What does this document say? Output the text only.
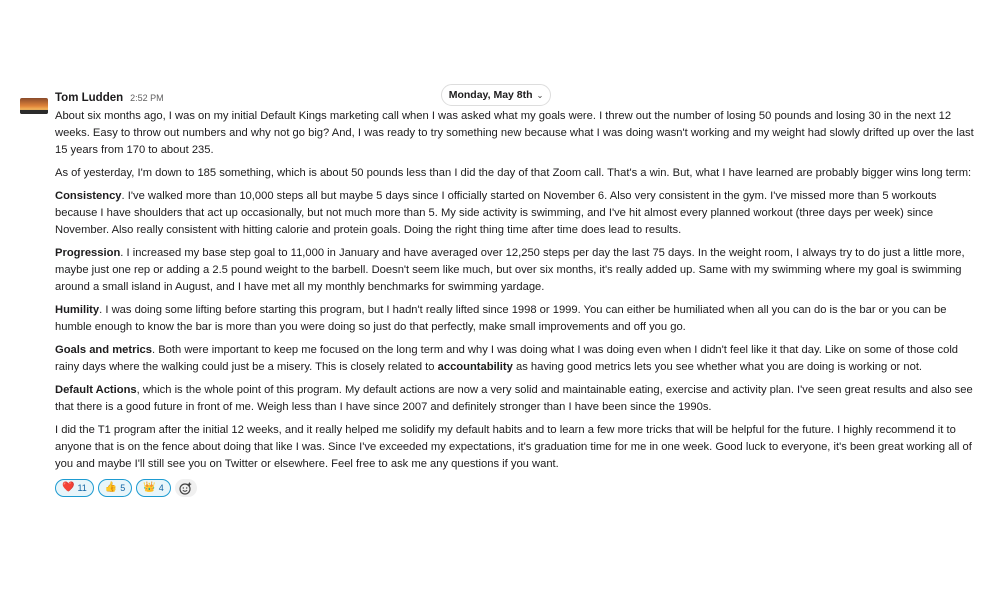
Monday, May 8th ⌄
Tom Ludden 2:52 PM

About six months ago, I was on my initial Default Kings marketing call when I was asked what my goals were. I threw out the number of losing 50 pounds and losing 30 in the next 12 weeks. Easy to throw out numbers and why not go big? And, I was ready to try something new because what I was doing wasn't working and my weight had slowly drifted up over the last 15 years from 170 to about 235.

As of yesterday, I'm down to 185 something, which is about 50 pounds less than I did the day of that Zoom call. That's a win. But, what I have learned are probably bigger wins long term:

Consistency. I've walked more than 10,000 steps all but maybe 5 days since I officially started on November 6. Also very consistent in the gym. I've missed more than 5 workouts because I have shoulders that act up occasionally, but not much more than 5. My side activity is swimming, and I've hit almost every planned workout (three days per week) since November. Also really consistent with hitting calorie and protein goals. Doing the right thing time after time does lead to results.

Progression. I increased my base step goal to 11,000 in January and have averaged over 12,250 steps per day the last 75 days. In the weight room, I always try to do just a little more, maybe just one rep or adding a 2.5 pound weight to the barbell. Doesn't seem like much, but over six months, it's really added up. Same with my swimming where my goal is swimming around a small island in August, and I have met all my monthly benchmarks for swimming yardage.

Humility. I was doing some lifting before starting this program, but I hadn't really lifted since 1998 or 1999. You can either be humiliated when all you can do is the bar or you can be humble enough to know the bar is more than you were doing so just do that perfectly, make small improvements and off you go.

Goals and metrics. Both were important to keep me focused on the long term and why I was doing what I was doing even when I didn't feel like it that day. Like on some of those cold rainy days where the walking could just be a misery. This is closely related to accountability as having good metrics lets you see whether what you are doing is working or not.

Default Actions, which is the whole point of this program. My default actions are now a very solid and maintainable eating, exercise and activity plan. I've seen great results and also see that there is a good future in front of me. Weigh less than I have since 2007 and definitely stronger than I have been since the 1990s.

I did the T1 program after the initial 12 weeks, and it really helped me solidify my default habits and to learn a few more tricks that will be helpful for the future. I highly recommend it to anyone that is on the fence about doing that like I was. Since I've exceeded my expectations, it's graduation time for me in one week. Good luck to everyone, it's been great working all of you and maybe I'll still see you on Twitter or elsewhere. Feel free to ask me any questions if you want.

❤️ 11 👍 5 👑 4
